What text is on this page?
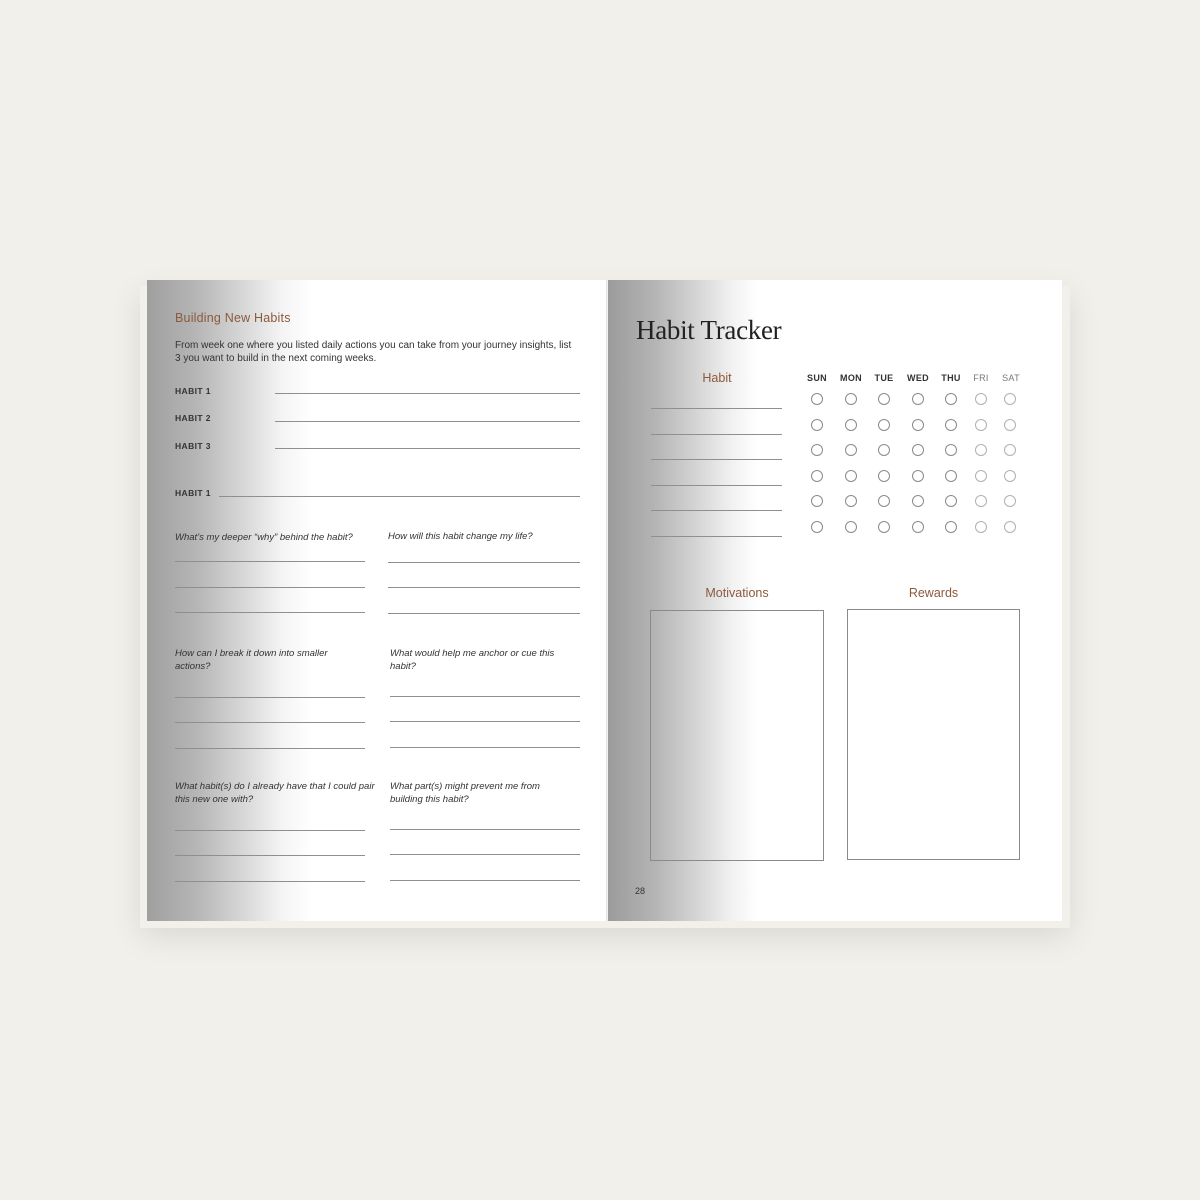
Building New Habits
From week one where you listed daily actions you can take from your journey insights, list 3 you want to build in the next coming weeks.
HABIT 1
HABIT 2
HABIT 3
HABIT 1
What’s my deeper “why” behind the habit?	How will this habit change my life?
How can I break it down into smaller actions?
What would help me anchor or cue this habit?
What habit(s) do I already have that I could pair this new one with?
What part(s) might prevent me from building this habit?
Habit Tracker
Habit	SUN	MON	TUE	WED	THU	FRI	SAT
Motivations	Rewards
28
